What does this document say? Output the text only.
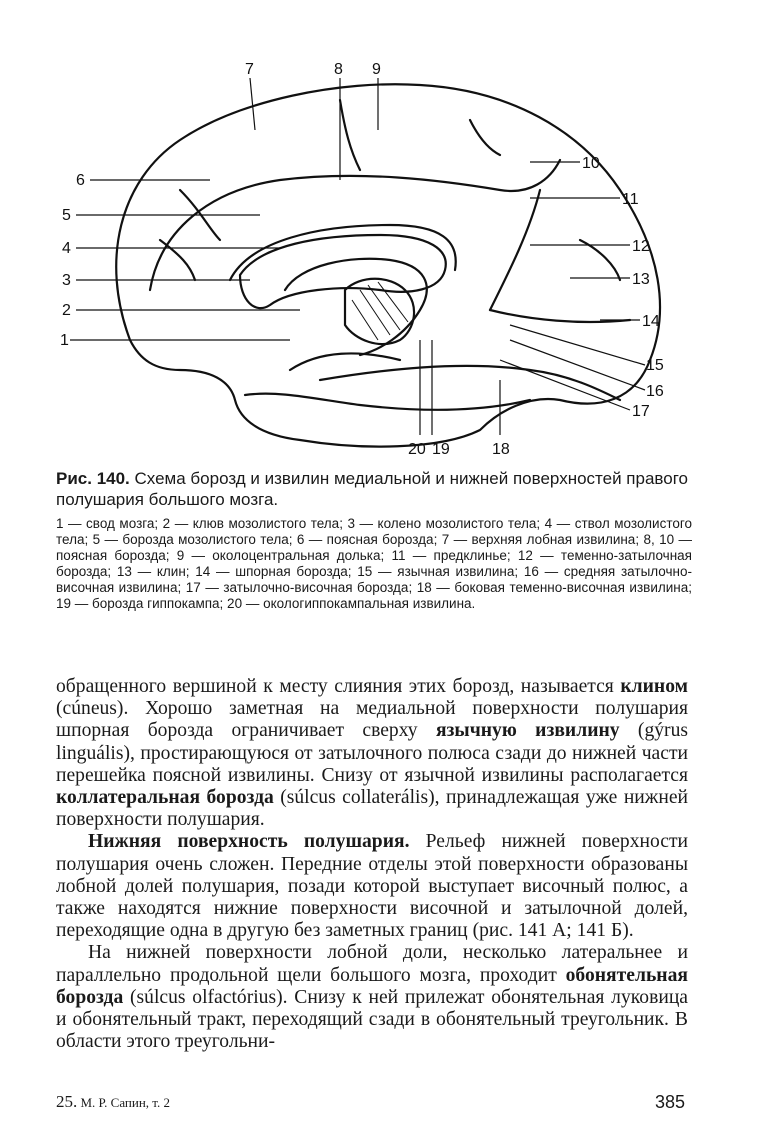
1
2
3
4
5
6
7	8 9
10
11
12
13
14
15
16
17
18
19
20
Рис. 140. Схема борозд и извилин медиальной и нижней поверхностей правого полушария большого мозга.
1 — свод мозга; 2 — клюв мозолистого тела; 3 — колено мозолистого тела; 4 — ствол мозолистого тела; 5 — борозда мозолистого тела; 6 — поясная борозда; 7 — верхняя лобная извилина; 8, 10 — поясная борозда; 9 — околоцентральная долька; 11 — предклинье; 12 — теменно-затылочная борозда; 13 — клин; 14 — шпорная борозда; 15 — язычная извилина; 16 — средняя затылочно-височная извилина; 17 — затылочно-височная борозда; 18 — боковая теменно-височная извилина; 19 — борозда гиппокампа; 20 — окологиппокампальная извилина.

обращенного вершиной к месту слияния этих борозд, называется клином (cúneus). Хорошо заметная на медиальной поверхности полушария шпорная борозда ограничивает сверху язычную извилину (gýrus linguális), простирающуюся от затылочного полюса сзади до нижней части перешейка поясной извилины. Снизу от язычной извилины располагается коллатеральная борозда (súlcus collaterális), принадлежащая уже нижней поверхности полушария.

Нижняя поверхность полушария. Рельеф нижней поверхности полушария очень сложен. Передние отделы этой поверхности образованы лобной долей полушария, позади которой выступает височный полюс, а также находятся нижние поверхности височной и затылочной долей, переходящие одна в другую без заметных границ (рис. 141 А; 141 Б).

На нижней поверхности лобной доли, несколько латеральнее и параллельно продольной щели большого мозга, проходит обонятельная борозда (súlcus olfactórius). Снизу к ней прилежат обонятельная луковица и обонятельный тракт, переходящий сзади в обонятельный треугольник. В области этого треугольни-

25. М. Р. Сапин, т. 2	385
